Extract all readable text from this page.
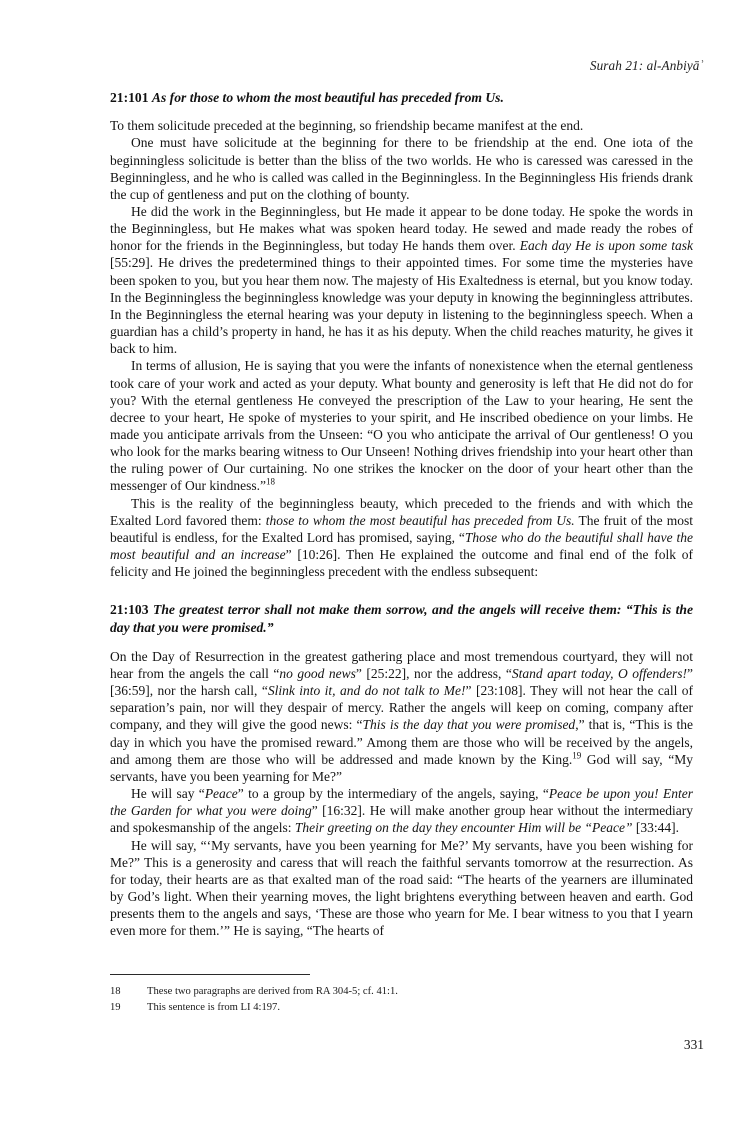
Surah 21: al-Anbiyāʾ
21:101 As for those to whom the most beautiful has preceded from Us.

To them solicitude preceded at the beginning, so friendship became manifest at the end.

One must have solicitude at the beginning for there to be friendship at the end. One iota of the beginningless solicitude is better than the bliss of the two worlds. He who is caressed was caressed in the Beginningless, and he who is called was called in the Beginningless. In the Beginningless His friends drank the cup of gentleness and put on the clothing of bounty.

He did the work in the Beginningless, but He made it appear to be done today. He spoke the words in the Beginningless, but He makes what was spoken heard today. He sewed and made ready the robes of honor for the friends in the Beginningless, but today He hands them over. Each day He is upon some task [55:29]. He drives the predetermined things to their appointed times. For some time the mysteries have been spoken to you, but you hear them now. The majesty of His Exaltedness is eternal, but you know today. In the Beginningless the beginningless knowledge was your deputy in knowing the beginningless attributes. In the Beginningless the eternal hearing was your deputy in listening to the beginningless speech. When a guardian has a child’s property in hand, he has it as his deputy. When the child reaches maturity, he gives it back to him.

In terms of allusion, He is saying that you were the infants of nonexistence when the eternal gentleness took care of your work and acted as your deputy. What bounty and generosity is left that He did not do for you? With the eternal gentleness He conveyed the prescription of the Law to your hearing, He sent the decree to your heart, He spoke of mysteries to your spirit, and He inscribed obedience on your limbs. He made you anticipate arrivals from the Unseen: “O you who anticipate the arrival of Our gentleness! O you who look for the marks bearing witness to Our Unseen! Nothing drives friendship into your heart other than the ruling power of Our curtaining. No one strikes the knocker on the door of your heart other than the messenger of Our kindness.”$^{18}$

This is the reality of the beginningless beauty, which preceded to the friends and with which the Exalted Lord favored them: those to whom the most beautiful has preceded from Us. The fruit of the most beautiful is endless, for the Exalted Lord has promised, saying, “Those who do the beautiful shall have the most beautiful and an increase” [10:26]. Then He explained the outcome and final end of the folk of felicity and He joined the beginningless precedent with the endless subsequent:

21:103 The greatest terror shall not make them sorrow, and the angels will receive them: “This is the day that you were promised.”

On the Day of Resurrection in the greatest gathering place and most tremendous courtyard, they will not hear from the angels the call “no good news” [25:22], nor the address, “Stand apart today, O offenders!” [36:59], nor the harsh call, “Slink into it, and do not talk to Me!” [23:108]. They will not hear the call of separation’s pain, nor will they despair of mercy. Rather the angels will keep on coming, company after company, and they will give the good news: “This is the day that you were promised,” that is, “This is the day in which you have the promised reward.” Among them are those who will be received by the angels, and among them are those who will be addressed and made known by the King.$^{19}$ God will say, “My servants, have you been yearning for Me?”

He will say “Peace” to a group by the intermediary of the angels, saying, “Peace be upon you! Enter the Garden for what you were doing” [16:32]. He will make another group hear without the intermediary and spokesmanship of the angels: Their greeting on the day they encounter Him will be “Peace” [33:44].

He will say, “‘My servants, have you been yearning for Me?’ My servants, have you been wishing for Me?” This is a generosity and caress that will reach the faithful servants tomorrow at the resurrection. As for today, their hearts are as that exalted man of the road said: “The hearts of the yearners are illuminated by God’s light. When their yearning moves, the light brightens everything between heaven and earth. God presents them to the angels and says, ‘These are those who yearn for Me. I bear witness to you that I yearn even more for them.’” He is saying, “The hearts of

18	These two paragraphs are derived from RA 304-5; cf. 41:1.
19	This sentence is from LI 4:197.
331
